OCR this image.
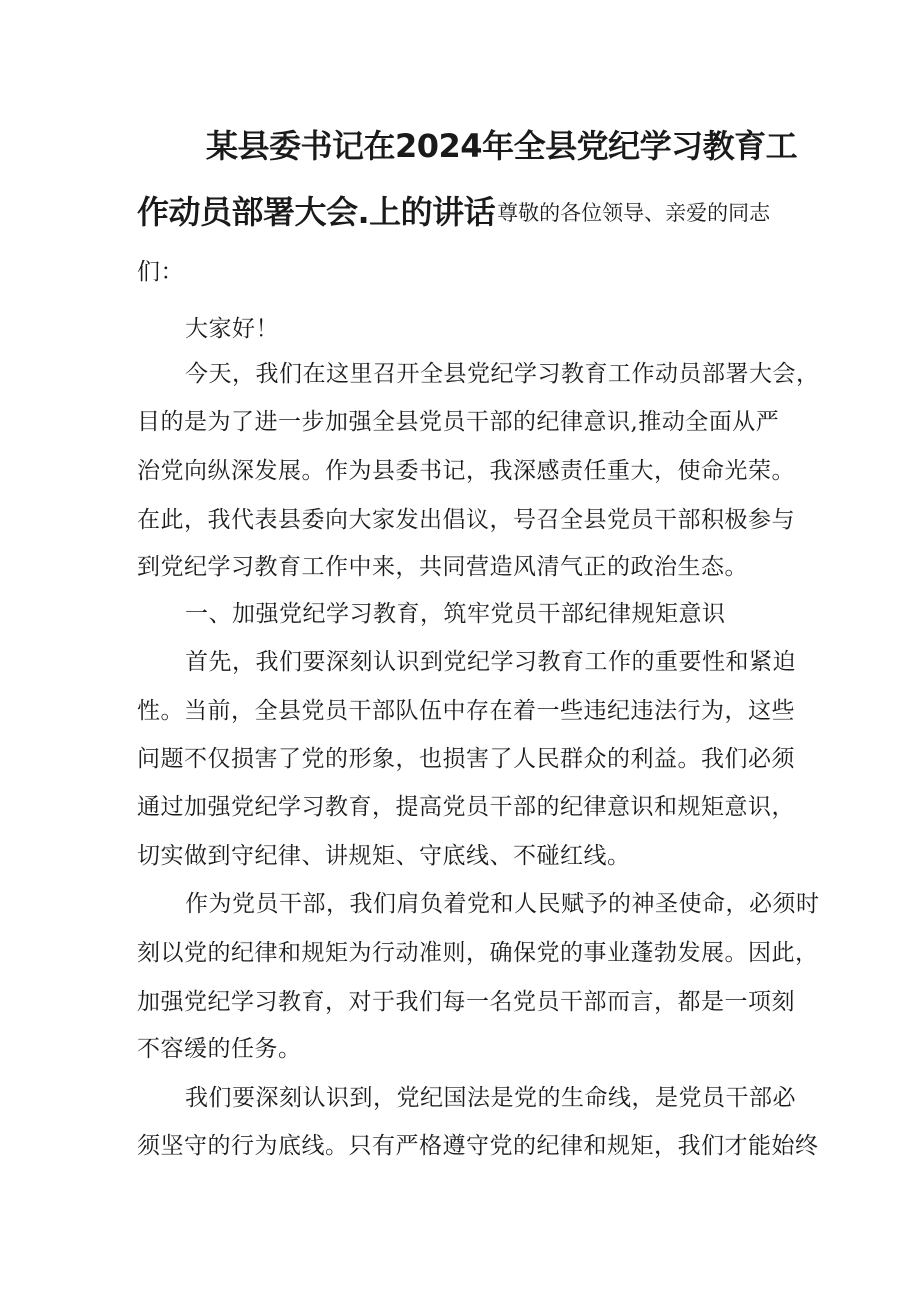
某县委书记在2024年全县党纪学习教育工
作动员部署大会.上的讲话尊敬的各位领导、亲爱的同志
们：
大家好！
今天，我们在这里召开全县党纪学习教育工作动员部署大会，
目的是为了进一步加强全县党员干部的纪律意识,推动全面从严
治党向纵深发展。作为县委书记，我深感责任重大，使命光荣。
在此，我代表县委向大家发出倡议，号召全县党员干部积极参与
到党纪学习教育工作中来，共同营造风清气正的政治生态。
一、加强党纪学习教育，筑牢党员干部纪律规矩意识
首先，我们要深刻认识到党纪学习教育工作的重要性和紧迫
性。当前，全县党员干部队伍中存在着一些违纪违法行为，这些
问题不仅损害了党的形象，也损害了人民群众的利益。我们必须
通过加强党纪学习教育，提高党员干部的纪律意识和规矩意识，
切实做到守纪律、讲规矩、守底线、不碰红线。
作为党员干部，我们肩负着党和人民赋予的神圣使命，必须时
刻以党的纪律和规矩为行动准则，确保党的事业蓬勃发展。因此，
加强党纪学习教育，对于我们每一名党员干部而言，都是一项刻
不容缓的任务。
我们要深刻认识到，党纪国法是党的生命线，是党员干部必
须坚守的行为底线。只有严格遵守党的纪律和规矩，我们才能始终
